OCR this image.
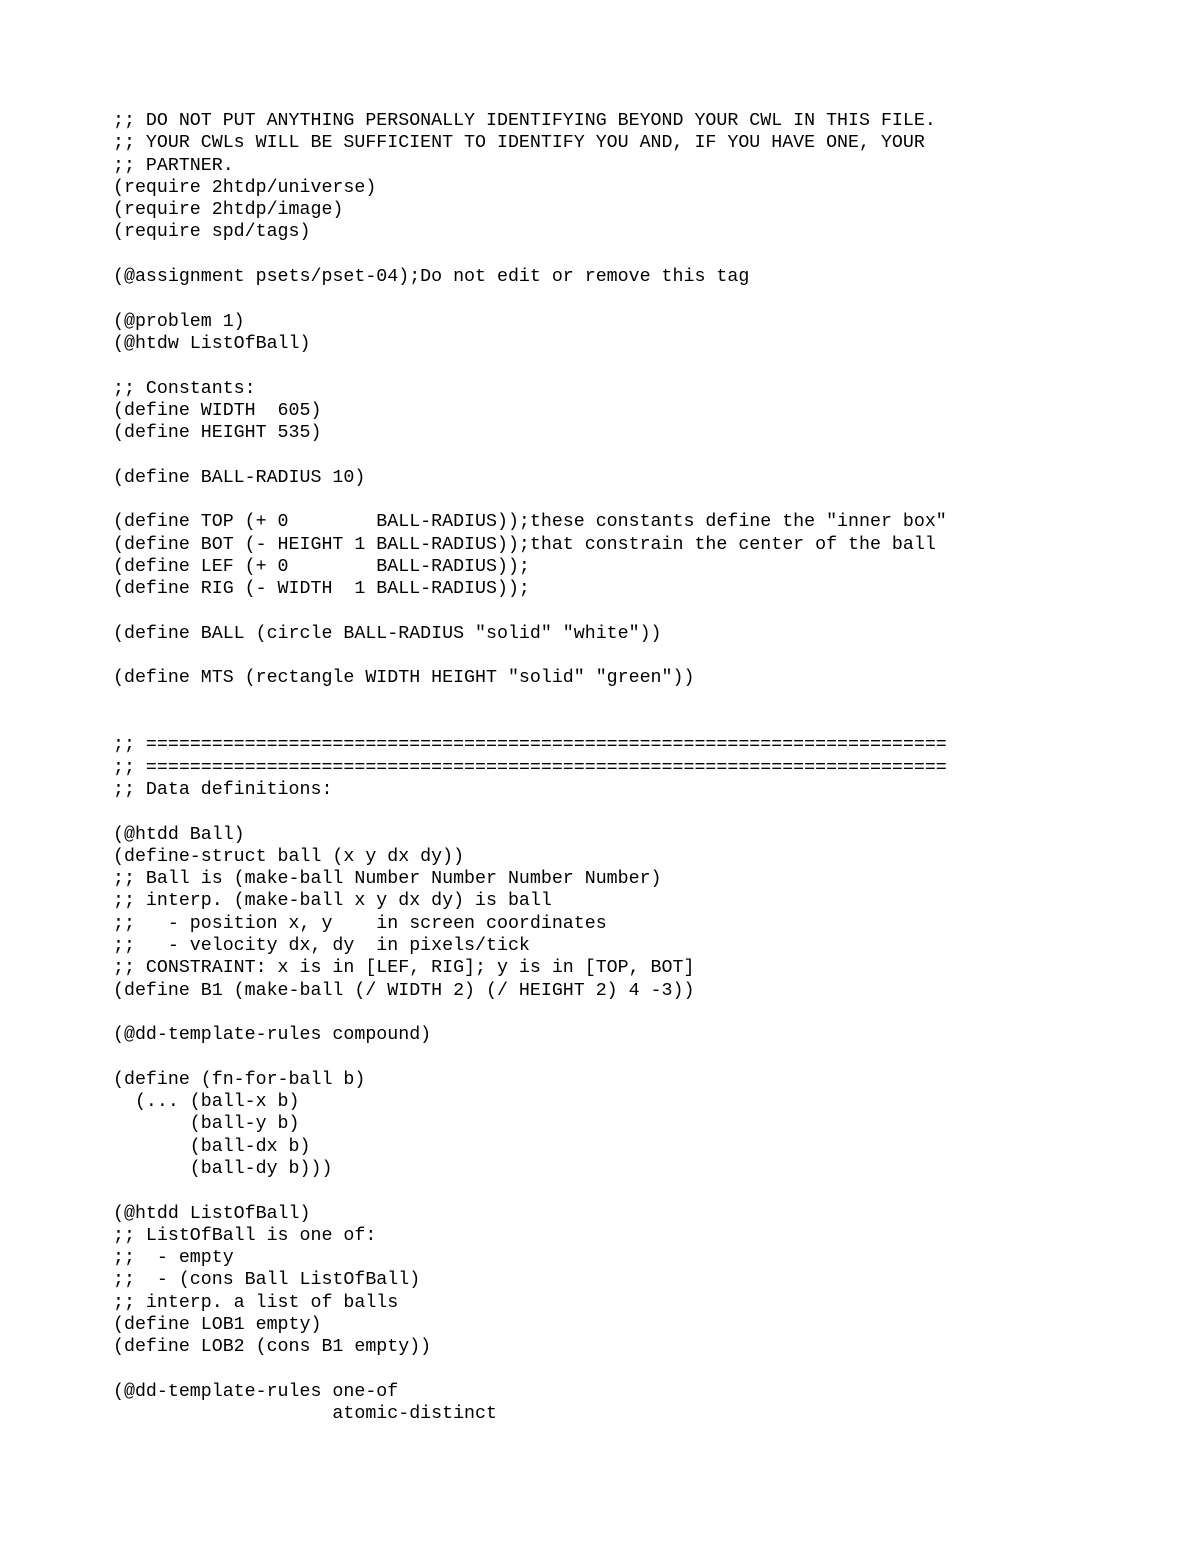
;; DO NOT PUT ANYTHING PERSONALLY IDENTIFYING BEYOND YOUR CWL IN THIS FILE.
;; YOUR CWLs WILL BE SUFFICIENT TO IDENTIFY YOU AND, IF YOU HAVE ONE, YOUR
;; PARTNER.
(require 2htdp/universe)
(require 2htdp/image)
(require spd/tags)
(@assignment psets/pset-04);Do not edit or remove this tag
(@problem 1)
(@htdw ListOfBall)
;; Constants:
(define WIDTH  605)
(define HEIGHT 535)
(define BALL-RADIUS 10)
(define TOP (+ 0        BALL-RADIUS));these constants define the "inner box"
(define BOT (- HEIGHT 1 BALL-RADIUS));that constrain the center of the ball
(define LEF (+ 0        BALL-RADIUS));
(define RIG (- WIDTH  1 BALL-RADIUS));
(define BALL (circle BALL-RADIUS "solid" "white"))
(define MTS (rectangle WIDTH HEIGHT "solid" "green"))
;; =========================================================================
;; =========================================================================
;; Data definitions:
(@htdd Ball)
(define-struct ball (x y dx dy))
;; Ball is (make-ball Number Number Number Number)
;; interp. (make-ball x y dx dy) is ball
;;   - position x, y    in screen coordinates
;;   - velocity dx, dy  in pixels/tick
;; CONSTRAINT: x is in [LEF, RIG]; y is in [TOP, BOT]
(define B1 (make-ball (/ WIDTH 2) (/ HEIGHT 2) 4 -3))
(@dd-template-rules compound)
(define (fn-for-ball b)
(... (ball-x b)
(ball-y b)
(ball-dx b)
(ball-dy b)))
(@htdd ListOfBall)
;; ListOfBall is one of:
;;  - empty
;;  - (cons Ball ListOfBall)
;; interp. a list of balls
(define LOB1 empty)
(define LOB2 (cons B1 empty))
(@dd-template-rules one-of
atomic-distinct
